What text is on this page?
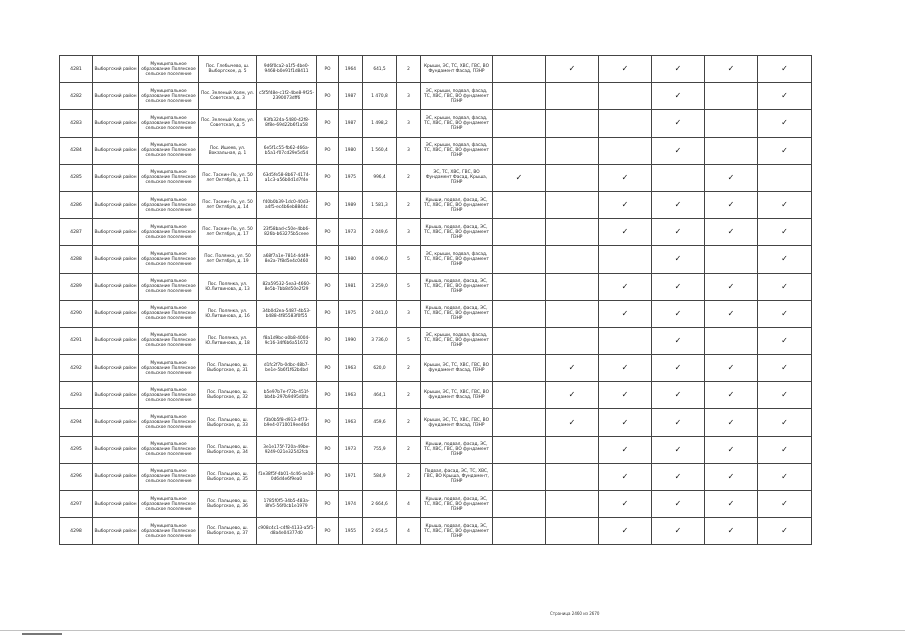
4281	Выборгский район	Муниципальное образование Полянское сельское поселение	Пос. Глебычево, ш. Выборгское, д. 5	9d6f0ca2-a1f5-4be0-9468-b0e91f1d8411	РО	1964	641,5	2	Крыши, ЭС, ТС, ХВС, ГВС, ВО Фундамент Фасад, ПЗНР		✓	✓	✓	✓	✓
4282	Выборгский район	Муниципальное образование Полянское сельское поселение	Пос. Зеленый Холм, ул. Советская, д. 3	c5f5f48e-c1f2-4be8-9f25-2390073dff6	РО	1987	1 470,8	3	ЭС, крыши, подвал, фасад, ТС, ХВС, ГВС, ВО фундамент ПЗНР				✓		✓
4283	Выборгский район	Муниципальное образование Полянское сельское поселение	Пос. Зеленый Холм, ул. Советская, д. 5	93fb324a-5480-42f8-8f8e-69d22b6f1a58	РО	1987	1 498,2	3	ЭС, крыши, подвал, фасад, ТС, ХВС, ГВС, ВО фундамент ПЗНР				✓		✓
4284	Выборгский район	Муниципальное образование Полянское сельское поселение	Пос. Ишеев, ул. Вокзальная, д. 1	6e5f1c55-fb62-466a-b5a1-f07cd29e5d54	РО	1980	1 560,4	3	ЭС, крыши, подвал, фасад, ТС, ХВС, ГВС, ВО фундамент ПЗНР				✓		✓
4285	Выборгский район	Муниципальное образование Полянское сельское поселение	Пос. Таскин-Ло, ул. 50 лет Октября, д. 11	63d5fe58-8b67-4174-a1c3-a56b0d1d7f4e	РО	1975	996,4	2	ЭС, ТС, ХВС, ГВС, ВО Фундамент Фасад, Крыша, ПЗНР	✓		✓		✓	
4286	Выборгский район	Муниципальное образование Полянское сельское поселение	Пос. Таскин-Ло, ул. 50 лет Октября, д. 14	f40b0b39-1dc0-40d3-a4f5-ec4b6eb8844c	РО	1989	1 581,3	2	Крыши, подвал, фасад, ЭС, ТС, ХВС, ГВС, ВО фундамент ПЗНР			✓	✓	✓	✓
4287	Выборгский район	Муниципальное образование Полянское сельское поселение	Пос. Таскин-Ло, ул. 50 лет Октября, д. 17	23f58bad-c50e-4bb6-826b-b63275b5ceee	РО	1973	2 049,6	3	Крыша, подвал, фасад, ЭС, ТС, ХВС, ГВС, ВО фундамент ПЗНР			✓	✓	✓	✓
4288	Выборгский район	Муниципальное образование Полянское сельское поселение	Пос. Полянка, ул. 50 лет Октября, д. 19	a68f7a1e-7814-4d49-8e2a-7f8d5e4c0460	РО	1980	4 096,0	5	ЭС, крыши, подвал, фасад, ТС, ХВС, ГВС, ВО фундамент ПЗНР				✓		✓
4289	Выборгский район	Муниципальное образование Полянское сельское поселение	Пос. Полянка, ул. Ю.Литвинова, д. 13	82a59532-5ea3-4660-8e5b-7bb8d50e2f29	РО	1981	3 259,0	5	Крыша, подвал, фасад, ЭС, ТС, ХВС, ГВС, ВО фундамент ПЗНР			✓	✓	✓	✓
4290	Выборгский район	Муниципальное образование Полянское сельское поселение	Пос. Полянка, ул. Ю.Литвинова, д. 16	34b0d2ea-5487-4b53-b488-4f85583f0f55	РО	1975	2 041,0	3	Крыша, подвал, фасад, ЭС, ТС, ХВС, ГВС, ВО фундамент ПЗНР			✓	✓	✓	✓
4291	Выборгский район	Муниципальное образование Полянское сельское поселение	Пос. Полянка, ул. Ю.Литвинова, д. 18	f8a1d9bc-a0b8-4004-9c16-34f6b6a51672	РО	1990	3 736,0	5	ЭС, крыши, подвал, фасад, ТС, ХВС, ГВС, ВО фундамент ПЗНР				✓		✓
4292	Выборгский район	Муниципальное образование Полянское сельское поселение	Пос. Пальцево, ш. Выборгское, д. 31	d1fc2f7b-0dbc-48b7-be1e-5b6f1f62b4bd	РО	1963	620,0	2	Крыши, ЭС, ТС, ХВС, ГВС, ВО фундамент Фасад, ПЗНР		✓	✓	✓	✓	✓
4293	Выборгский район	Муниципальное образование Полянское сельское поселение	Пос. Пальцево, ш. Выборгское, д. 32	b5e97b7e-f72b-451f-bb4b-297b9495d0fa	РО	1963	464,1	2	Крыши, ЭС, ТС, ХВС, ГВС, ВО фундамент Фасад, ПЗНР		✓	✓	✓	✓	✓
4294	Выборгский район	Муниципальное образование Полянское сельское поселение	Пос. Пальцево, ш. Выборгское, д. 33	f3b0b5f8-d913-4f73-b9e4-0710019ee46d	РО	1963	459,6	2	Крыши, ЭС, ТС, ХВС, ГВС, ВО фундамент Фасад, ПЗНР		✓	✓	✓	✓	✓
4295	Выборгский район	Муниципальное образование Полянское сельское поселение	Пос. Пальцево, ш. Выборгское, д. 34	3e1e175f-720a-49be-9249-021e32542fcb	РО	1973	755,9	2	Крыши, подвал, фасад, ЭС, ТС, ХВС, ГВС, ВО фундамент ПЗНР			✓	✓	✓	✓
4296	Выборгский район	Муниципальное образование Полянское сельское поселение	Пос. Пальцево, ш. Выборгское, д. 35	f1e38f5f-4b01-4c46-ae18-0d6d4e6f9ea0	РО	1971	584,9	2	Подвал, фасад, ЭС, ТС, ХВС, ГВС, ВО Крыша, Фундамент, ПЗНР			✓	✓	✓	✓
4297	Выборгский район	Муниципальное образование Полянское сельское поселение	Пос. Пальцево, ш. Выборгское, д. 36	1785f0f5-34b5-483a-8fe5-56f0cb1e1979	РО	1974	2 664,6	4	Крыши, подвал, фасад, ЭС, ТС, ХВС, ГВС, ВО фундамент ПЗНР			✓	✓	✓	✓
4298	Выборгский район	Муниципальное образование Полянское сельское поселение	Пос. Пальцево, ш. Выборгское, д. 37	c908c4c1-c4f8-4133-a5f1-d8a4e04377d0	РО	1955	2 654,5	4	Крыша, подвал, фасад, ЭС, ТС, ХВС, ГВС, ВО фундамент ПЗНР			✓	✓	✓	✓
Страница 2460 из 2670
